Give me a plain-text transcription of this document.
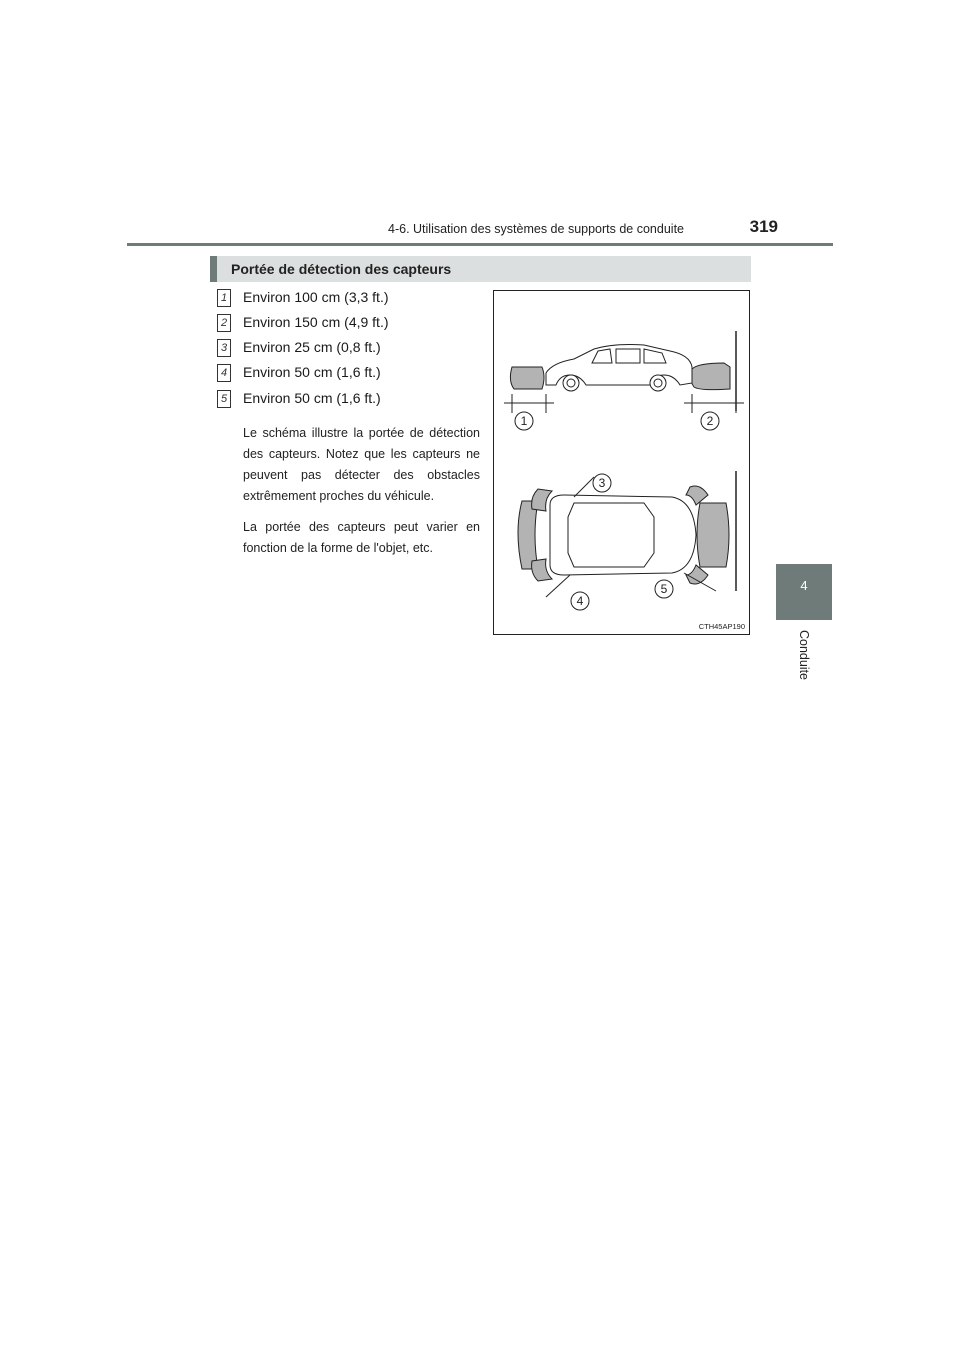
4-6. Utilisation des systèmes de supports de conduite	319
4
Conduite
Portée de détection des capteurs
1 Environ 100 cm (3,3 ft.)
2 Environ 150 cm (4,9 ft.)
3 Environ 25 cm (0,8 ft.)
4 Environ 50 cm (1,6 ft.)
5 Environ 50 cm (1,6 ft.)
Le schéma illustre la portée de détection des capteurs. Notez que les capteurs ne peuvent pas détecter des obstacles extrêmement proches du véhicule.
La portée des capteurs peut varier en fonction de la forme de l'objet, etc.
1	2
3
4
5
CTH45AP190
